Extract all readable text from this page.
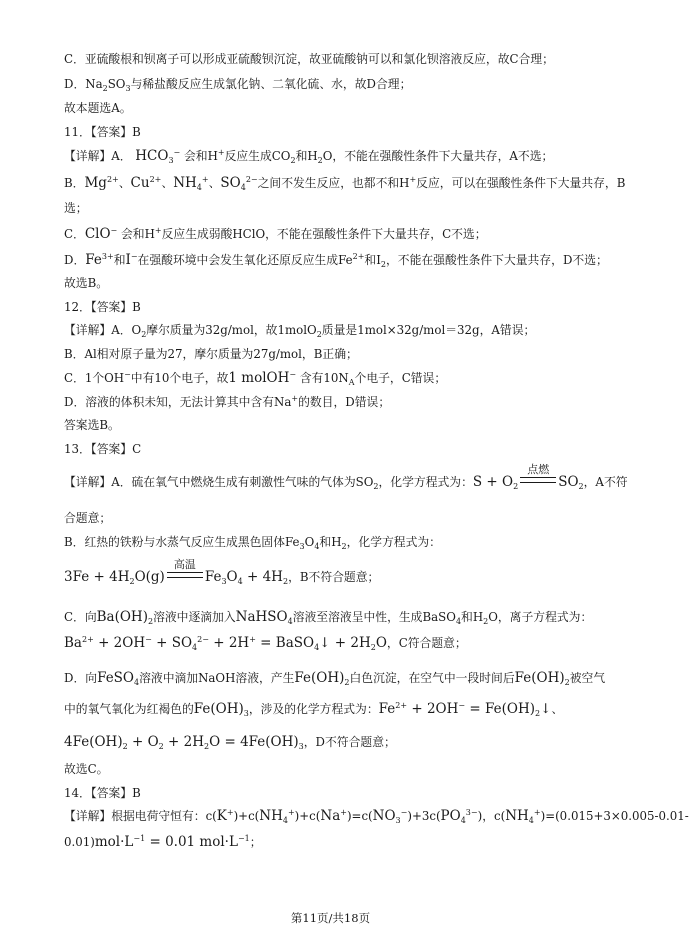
C．亚硫酸根和钡离子可以形成亚硫酸钡沉淀，故亚硫酸钠可以和氯化钡溶液反应，故C合理；
D．$Na_2SO_3$与稀盐酸反应生成氯化钠、二氧化硫、水，故D合理；
故本题选A。
11．【答案】B
【详解】A． $HCO_3^-$ 会和H+反应生成$CO_2$和$H_2O$，不能在强酸性条件下大量共存，A不选；
B．$Mg^{2+}$、$Cu^{2+}$、$NH_4^+$、$SO_4^{2-}$之间不发生反应，也都不和H+反应，可以在强酸性条件下大量共存，B
选；
C．ClO− 会和H+反应生成弱酸HClO，不能在强酸性条件下大量共存，C不选；
D．$Fe^{3+}$和I−在强酸环境中会发生氧化还原反应生成$Fe^{2+}$和$I_2$，不能在强酸性条件下大量共存，D不选；
故选B。
12．【答案】B
【详解】A．$O_2$摩尔质量为32g/mol，故1molO$_2$质量是1mol×32g/mol＝32g，A错误；
B．Al相对原子量为27，摩尔质量为27g/mol，B正确；
C．1个OH−中有10个电子，故1 molOH− 含有$10N_A$个电子，C错误；
D．溶液的体积未知，无法计算其中含有Na+的数目，D错误；
答案选B。
13．【答案】C
【详解】A．硫在氧气中燃烧生成有刺激性气味的气体为$SO_2$，化学方程式为：$S + O_2$
点燃
$SO_2$，A不符
合题意；
B．红热的铁粉与水蒸气反应生成黑色固体$Fe_3O_4$和$H_2$，化学方程式为：
$3Fe + 4H_2O(g)$
高温
$Fe_3O_4 + 4H_2$，B不符合题意；
C．向$Ba(OH)_2$溶液中逐滴加入NaHSO$_4$溶液至溶液呈中性，生成BaSO$_4$和$H_2O$，离子方程式为：
$Ba^{2+} + 2OH^- + SO_4^{2-} + 2H^+$ = BaSO$_4$↓ + $2H_2O$，C符合题意；
D．向FeSO$_4$溶液中滴加NaOH溶液，产生$Fe(OH)_2$白色沉淀，在空气中一段时间后$Fe(OH)_2$被空气
中的氧气氧化为红褐色的$Fe(OH)_3$，涉及的化学方程式为：$Fe^{2+} + 2OH^-$ = $Fe(OH)_2↓$、
$4Fe(OH)_2 + O_2 + 2H_2O = 4Fe(OH)_3$，D不符合题意；
故选C。
14．【答案】B
【详解】根据电荷守恒有：$c(K^+)+c(NH_4^+)+c(Na^+)=c(NO_3^-)+3c(PO_4^{3-})$，$c(NH_4^+)=(0.015+3\times 0.005-0.01-$
$0.01)mol\cdot L^{-1} = 0.01$ $mol\cdot L^{-1}$；
第11页/共18页
